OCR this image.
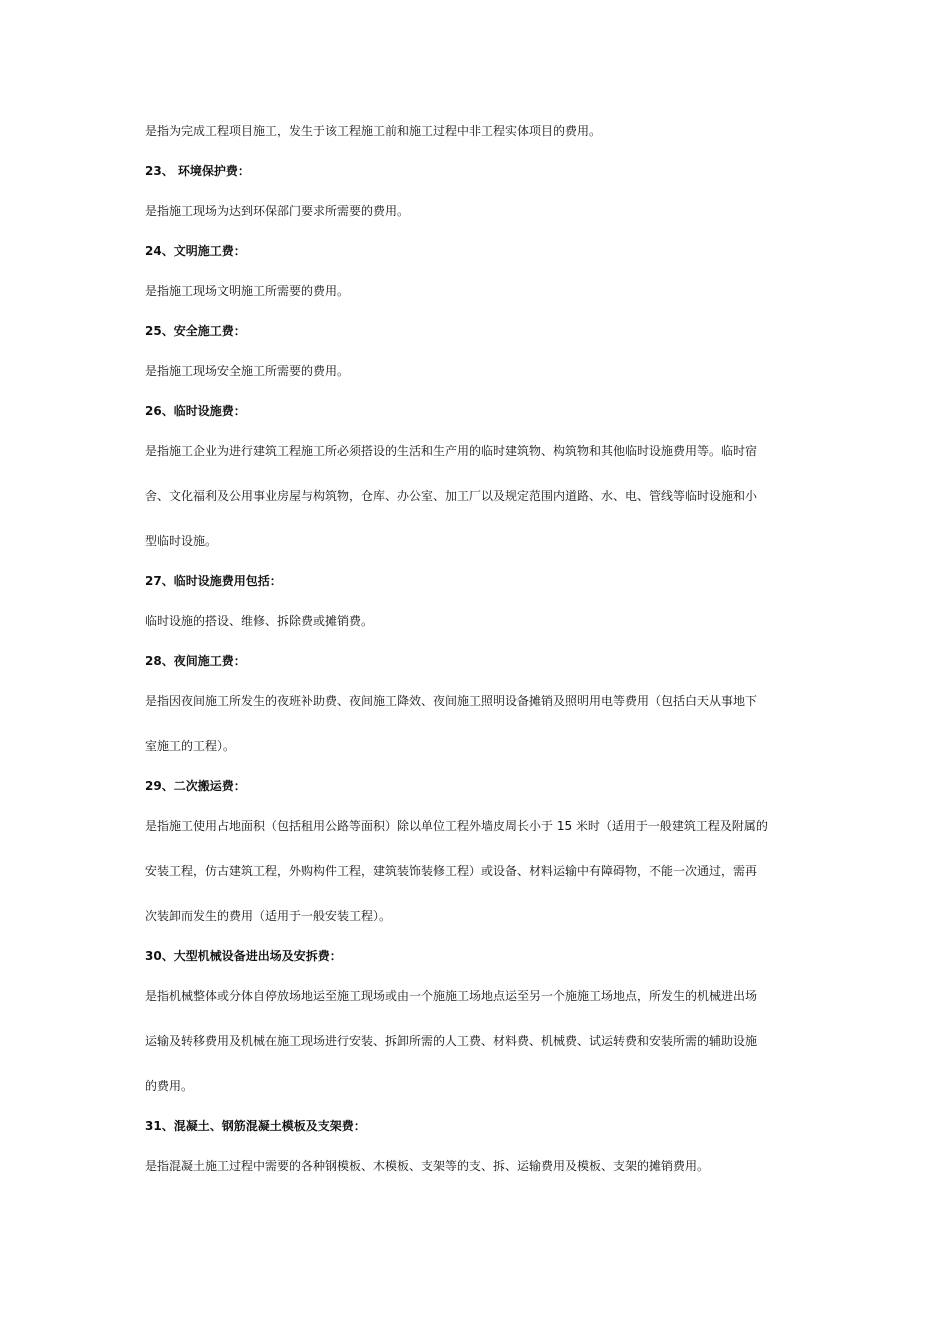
是指为完成工程项目施工，发生于该工程施工前和施工过程中非工程实体项目的费用。

23、 环境保护费：

是指施工现场为达到环保部门要求所需要的费用。

24、文明施工费：

是指施工现场文明施工所需要的费用。

25、安全施工费：

是指施工现场安全施工所需要的费用。

26、临时设施费：

是指施工企业为进行建筑工程施工所必须搭设的生活和生产用的临时建筑物、构筑物和其他临时设施费用等。临时宿

舍、文化福利及公用事业房屋与构筑物，仓库、办公室、加工厂以及规定范围内道路、水、电、管线等临时设施和小

型临时设施。

27、临时设施费用包括：

临时设施的搭设、维修、拆除费或摊销费。

28、夜间施工费：

是指因夜间施工所发生的夜班补助费、夜间施工降效、夜间施工照明设备摊销及照明用电等费用（包括白天从事地下

室施工的工程）。

29、二次搬运费：

是指施工使用占地面积（包括租用公路等面积）除以单位工程外墙皮周长小于 15 米时（适用于一般建筑工程及附属的

安装工程，仿古建筑工程，外购构件工程，建筑装饰装修工程）或设备、材料运输中有障碍物，不能一次通过，需再

次装卸而发生的费用（适用于一般安装工程）。

30、大型机械设备进出场及安拆费：

是指机械整体或分体自停放场地运至施工现场或由一个施施工场地点运至另一个施施工场地点，所发生的机械进出场

运输及转移费用及机械在施工现场进行安装、拆卸所需的人工费、材料费、机械费、试运转费和安装所需的辅助设施

的费用。

31、混凝土、钢筋混凝土模板及支架费：

是指混凝土施工过程中需要的各种钢模板、木模板、支架等的支、拆、运输费用及模板、支架的摊销费用。
